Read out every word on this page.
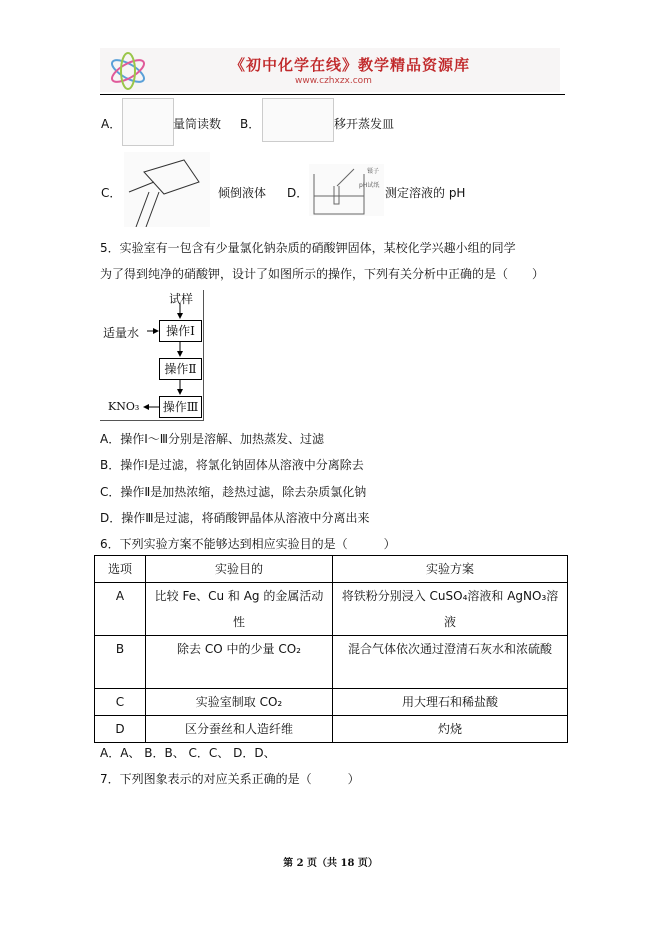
《初中化学在线》教学精品资源库
www.czhxzx.com
A．	量筒读数 B．	移开蒸发皿
C．	倾倒液体 D．
镊子
pH试纸
测定溶液的 pH
5．实验室有一包含有少量氯化钠杂质的硝酸钾固体，某校化学兴趣小组的同学
为了得到纯净的硝酸钾，设计了如图所示的操作，下列有关分析中正确的是（　　）
试样
适量水	操作Ⅰ
操作Ⅱ
操作Ⅲ
KNO₃
A．操作Ⅰ～Ⅲ分别是溶解、加热蒸发、过滤
B．操作Ⅰ是过滤，将氯化钠固体从溶液中分离除去
C．操作Ⅱ是加热浓缩，趁热过滤，除去杂质氯化钠
D．操作Ⅲ是过滤，将硝酸钾晶体从溶液中分离出来
6．下列实验方案不能够达到相应实验目的是（　　　）
选项	实验目的	实验方案
A	比较 Fe、Cu 和 Ag 的金属活动性	将铁粉分别浸入 CuSO₄溶液和 AgNO₃溶液
B	除去 CO 中的少量 CO₂	混合气体依次通过澄清石灰水和浓硫酸
C	实验室制取 CO₂	用大理石和稀盐酸
D	区分蚕丝和人造纤维	灼烧
A．A、 B．B、 C．C、 D．D、
7．下列图象表示的对应关系正确的是（　　　）
第 2 页（共 18 页）
